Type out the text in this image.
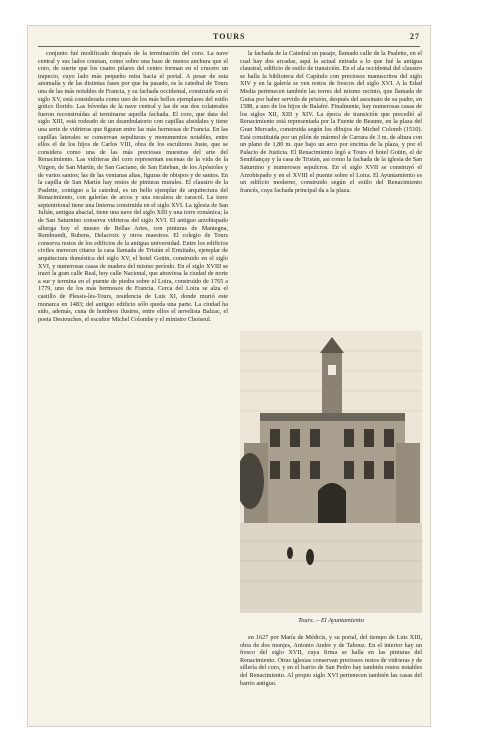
TOURS	27

conjunto fué modificado después de la terminación del coro. La nave central y sus lados constan, como sobre una base de menos anchura que el coro, de suerte que los cuatro pilares del centro forman en el crucero un trapecio, cuyo lado más pequeño mira hacia el portal. A pesar de esta anomalía y de las distintas fases por que ha pasado, es la catedral de Tours una de las más notables de Francia, y su fachada occidental, construida en el siglo XV, está considerada como uno de los más bellos ejemplares del estilo gótico florido. Las bóvedas de la nave central y las de sus dos colaterales fueron reconstruídas al terminarse aquella fachada. El coro, que data del siglo XIII, está rodeado de un deambulatorio con capillas absidales y tiene una serie de vidrieras que figuran entre las más hermosas de Francia. En las capillas laterales se conservan sepulturas y monumentos notables, entre ellos el de los hijos de Carlos VIII, obra de los escultores Juste, que se considera como una de las más preciosas muestras del arte del Renacimiento. Las vidrieras del coro representan escenas de la vida de la Virgen, de San Martín, de San Gaciano, de San Esteban, de los Apóstoles y de varios santos; las de las ventanas altas, figuras de obispos y de santos. En la capilla de San Martín hay restos de pinturas murales. El claustro de la Psalette, contiguo a la catedral, es un bello ejemplar de arquitectura del Renacimiento, con galerías de arcos y una escalera de caracol. La torre septentrional tiene una linterna construida en el siglo XVI. La iglesia de San Julián, antigua abacial, tiene una nave del siglo XIII y una torre románica; la de San Saturnino conserva vidrieras del siglo XVI. El antiguo arzobispado alberga hoy el museo de Bellas Artes, con pinturas de Mantegna, Rembrandt, Rubens, Delacroix y otros maestros. El colegio de Tours conserva restos de los edificios de la antigua universidad. Entre los edificios civiles merecen citarse la casa llamada de Tristán el Ermitaño, ejemplar de arquitectura doméstica del siglo XV, el hotel Goüin, construido en el siglo XVI, y numerosas casas de madera del mismo período. En el siglo XVIII se trazó la gran calle Real, hoy calle Nacional, que atraviesa la ciudad de norte a sur y termina en el puente de piedra sobre el Loira, construido de 1765 a 1779, uno de los más hermosos de Francia. Cerca del Loira se alza el castillo de Plessis-lès-Tours, residencia de Luis XI, donde murió este monarca en 1483; del antiguo edificio sólo queda una parte. La ciudad ha sido, además, cuna de hombres ilustres, entre ellos el novelista Balzac, el poeta Destouches, el escultor Michel Colombe y el ministro Choiseul.

la fachada de la Catedral un pasaje, llamado calle de la Psalette, en el cual hay dos arcadas, aquí la actual entrada a lo que fué la antigua claustral, edificio de estilo de transición. En el ala occidental del claustro se halla la biblioteca del Capítulo con preciosos manuscritos del siglo XIV y en la galería se ven restos de frescos del siglo XVI. A la Edad Media pertenecen también las torres del mismo recinto, que llamada de Guisa por haber servido de prisión, después del asesinato de su padre, en 1588, a uno de los hijos de Balafré. Finalmente, hay numerosas casas de los siglos XII, XIII y XIV. La época de transición que precedió al Renacimiento está representada por la Fuente de Beaune, en la plaza del Gran Mercado, construida según los dibujos de Michel Colomb (1510). Está constituida por un pilón de mármol de Carrara de 3 m. de altura con un plano de 1,80 m. que bajo un arco por encima de la plaza, y por el Palacio de Justicia. El Renacimiento legó a Tours el hotel Goüin, el de Semblançay y la casa de Tristán, así como la fachada de la iglesia de San Saturnino y numerosos sepulcros. En el siglo XVII se construyó el Arzobispado y en el XVIII el puente sobre el Loira. El Ayuntamiento es un edificio moderno, construido según el estilo del Renacimiento francés, cuya fachada principal da a la plaza.

Tours. – El Ayuntamiento

en 1627 por María de Médicis, y su portal, del tiempo de Luis XIII, obra de dos monjes, Antonio Andre y de Tabouz. En el interior hay un fresco del siglo XVII, cuya firma se halla en las pinturas del Renacimiento. Otras iglesias conservan preciosos restos de vidrieras y de sillería del coro, y en el barrio de San Pedro hay también restos notables del Renacimiento. Al propio siglo XVI pertenecen también las casas del barrio antiguo.
